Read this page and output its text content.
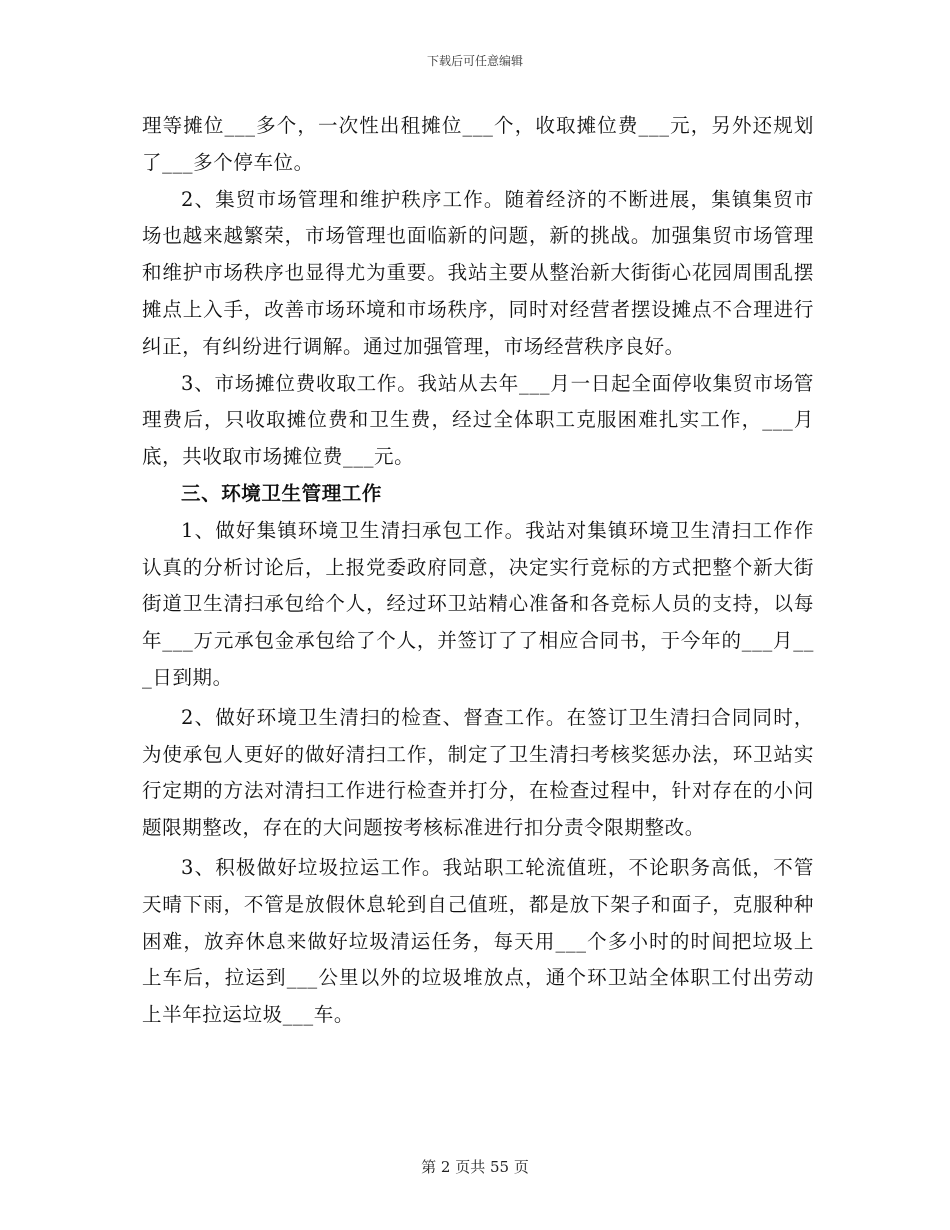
下载后可任意编辑

理等摊位___多个，一次性出租摊位___个，收取摊位费___元，另外还规划了___多个停车位。

2、集贸市场管理和维护秩序工作。随着经济的不断进展，集镇集贸市场也越来越繁荣，市场管理也面临新的问题，新的挑战。加强集贸市场管理和维护市场秩序也显得尤为重要。我站主要从整治新大街街心花园周围乱摆摊点上入手，改善市场环境和市场秩序，同时对经营者摆设摊点不合理进行纠正，有纠纷进行调解。通过加强管理，市场经营秩序良好。

3、市场摊位费收取工作。我站从去年___月一日起全面停收集贸市场管理费后，只收取摊位费和卫生费，经过全体职工克服困难扎实工作，___月底，共收取市场摊位费___元。

三、环境卫生管理工作

1、做好集镇环境卫生清扫承包工作。我站对集镇环境卫生清扫工作作认真的分析讨论后，上报党委政府同意，决定实行竞标的方式把整个新大街街道卫生清扫承包给个人，经过环卫站精心准备和各竞标人员的支持，以每年___万元承包金承包给了个人，并签订了了相应合同书，于今年的___月___日到期。

2、做好环境卫生清扫的检查、督查工作。在签订卫生清扫合同同时，为使承包人更好的做好清扫工作，制定了卫生清扫考核奖惩办法，环卫站实行定期的方法对清扫工作进行检查并打分，在检查过程中，针对存在的小问题限期整改，存在的大问题按考核标准进行扣分责令限期整改。

3、积极做好垃圾拉运工作。我站职工轮流值班，不论职务高低，不管天晴下雨，不管是放假休息轮到自己值班，都是放下架子和面子，克服种种困难，放弃休息来做好垃圾清运任务，每天用___个多小时的时间把垃圾上上车后，拉运到___公里以外的垃圾堆放点，通个环卫站全体职工付出劳动上半年拉运垃圾___车。

第 2 页共 55 页
